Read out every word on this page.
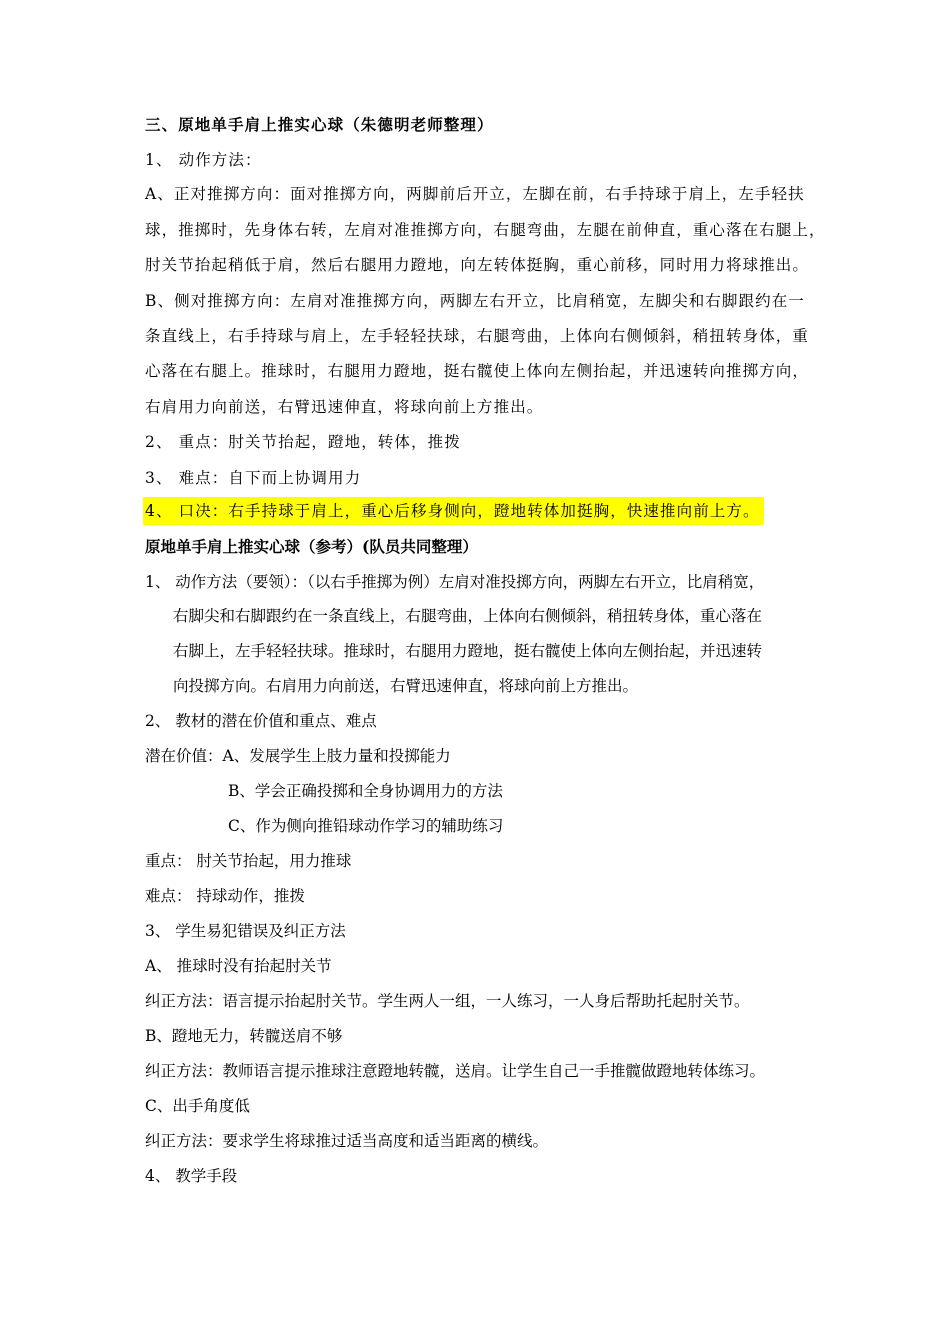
三、原地单手肩上推实心球（朱德明老师整理）
1、 动作方法：
A、正对推掷方向：面对推掷方向，两脚前后开立，左脚在前，右手持球于肩上，左手轻扶
球，推掷时，先身体右转，左肩对准推掷方向，右腿弯曲，左腿在前伸直，重心落在右腿上，
肘关节抬起稍低于肩，然后右腿用力蹬地，向左转体挺胸，重心前移，同时用力将球推出。
B、侧对推掷方向：左肩对准推掷方向，两脚左右开立，比肩稍宽，左脚尖和右脚跟约在一
条直线上，右手持球与肩上，左手轻轻扶球，右腿弯曲，上体向右侧倾斜，稍扭转身体，重
心落在右腿上。推球时，右腿用力蹬地，挺右髋使上体向左侧抬起，并迅速转向推掷方向，
右肩用力向前送，右臂迅速伸直，将球向前上方推出。
2、 重点：肘关节抬起，蹬地，转体，推拨
3、 难点：自下而上协调用力
4、 口决：右手持球于肩上，重心后移身侧向，蹬地转体加挺胸，快速推向前上方。
原地单手肩上推实心球（参考）(队员共同整理）
1、 动作方法（要领）：（以右手推掷为例）左肩对准投掷方向，两脚左右开立，比肩稍宽，
右脚尖和右脚跟约在一条直线上，右腿弯曲，上体向右侧倾斜，稍扭转身体，重心落在
右脚上，左手轻轻扶球。推球时，右腿用力蹬地，挺右髋使上体向左侧抬起，并迅速转
向投掷方向。右肩用力向前送，右臂迅速伸直，将球向前上方推出。
2、 教材的潜在价值和重点、难点
潜在价值：A、发展学生上肢力量和投掷能力
B、学会正确投掷和全身协调用力的方法
C、作为侧向推铅球动作学习的辅助练习
重点： 肘关节抬起，用力推球
难点： 持球动作，推拨
3、 学生易犯错误及纠正方法
A、 推球时没有抬起肘关节
纠正方法：语言提示抬起肘关节。学生两人一组，一人练习，一人身后帮助托起肘关节。
B、蹬地无力，转髋送肩不够
纠正方法：教师语言提示推球注意蹬地转髋，送肩。让学生自己一手推髋做蹬地转体练习。
C、出手角度低
纠正方法：要求学生将球推过适当高度和适当距离的横线。
4、 教学手段
